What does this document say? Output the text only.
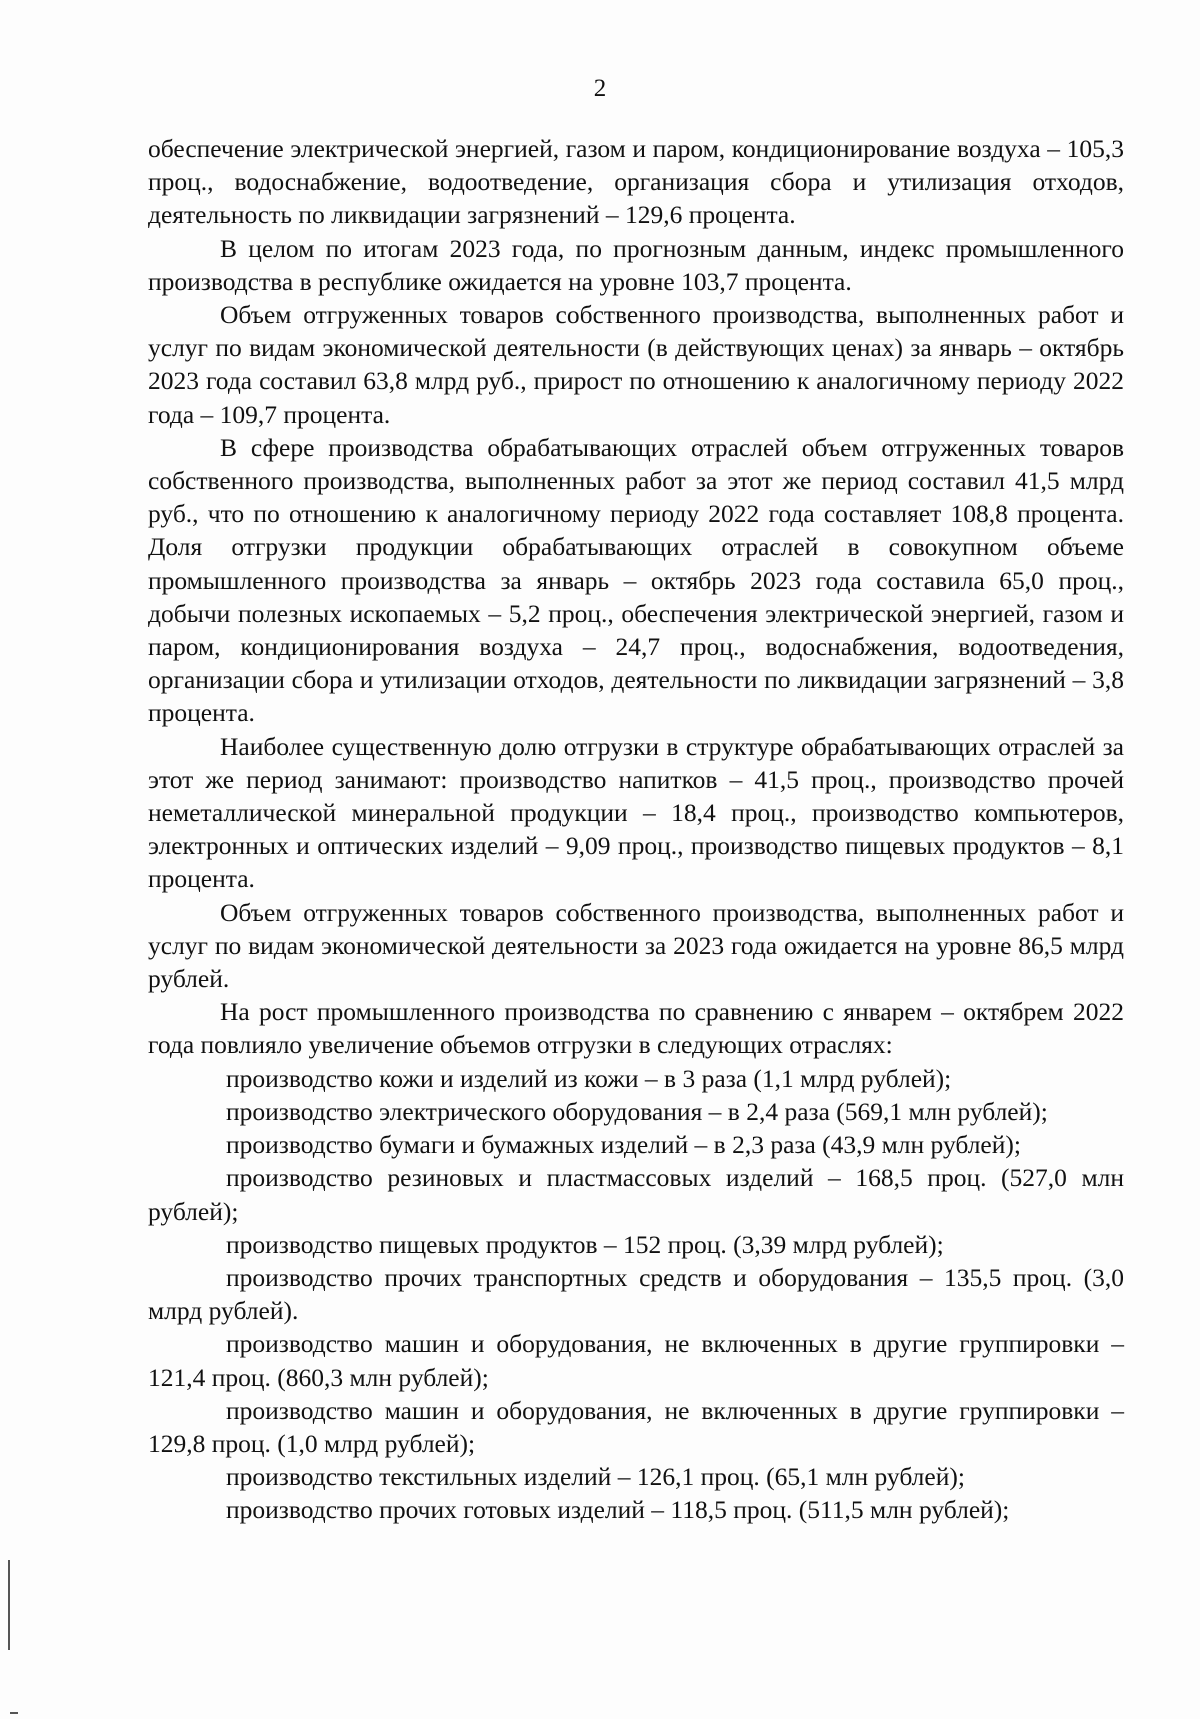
2

обеспечение электрической энергией, газом и паром, кондиционирование воздуха – 105,3 проц., водоснабжение, водоотведение, организация сбора и утилизация отходов, деятельность по ликвидации загрязнений – 129,6 процента.

В целом по итогам 2023 года, по прогнозным данным, индекс промышленного производства в республике ожидается на уровне 103,7 процента.

Объем отгруженных товаров собственного производства, выполненных работ и услуг по видам экономической деятельности (в действующих ценах) за январь – октябрь 2023 года составил 63,8 млрд руб., прирост по отношению к аналогичному периоду 2022 года – 109,7 процента.

В сфере производства обрабатывающих отраслей объем отгруженных товаров собственного производства, выполненных работ за этот же период составил 41,5 млрд руб., что по отношению к аналогичному периоду 2022 года составляет 108,8 процента. Доля отгрузки продукции обрабатывающих отраслей в совокупном объеме промышленного производства за январь – октябрь 2023 года составила 65,0 проц., добычи полезных ископаемых – 5,2 проц., обеспечения электрической энергией, газом и паром, кондиционирования воздуха – 24,7 проц., водоснабжения, водоотведения, организации сбора и утилизации отходов, деятельности по ликвидации загрязнений – 3,8 процента.

Наиболее существенную долю отгрузки в структуре обрабатывающих отраслей за этот же период занимают: производство напитков – 41,5 проц., производство прочей неметаллической минеральной продукции – 18,4 проц., производство компьютеров, электронных и оптических изделий – 9,09 проц., производство пищевых продуктов – 8,1 процента.

Объем отгруженных товаров собственного производства, выполненных работ и услуг по видам экономической деятельности за 2023 года ожидается на уровне 86,5 млрд рублей.

На рост промышленного производства по сравнению с январем – октябрем 2022 года повлияло увеличение объемов отгрузки в следующих отраслях:

производство кожи и изделий из кожи – в 3 раза (1,1 млрд рублей);

производство электрического оборудования – в 2,4 раза (569,1 млн рублей);

производство бумаги и бумажных изделий – в 2,3 раза (43,9 млн рублей);

производство резиновых и пластмассовых изделий – 168,5 проц. (527,0 млн рублей);

производство пищевых продуктов – 152 проц. (3,39 млрд рублей);

производство прочих транспортных средств и оборудования – 135,5 проц. (3,0 млрд рублей).

производство машин и оборудования, не включенных в другие группировки – 121,4 проц. (860,3 млн рублей);

производство машин и оборудования, не включенных в другие группировки – 129,8 проц. (1,0 млрд рублей);

производство текстильных изделий – 126,1 проц. (65,1 млн рублей);

производство прочих готовых изделий – 118,5 проц. (511,5 млн рублей);
